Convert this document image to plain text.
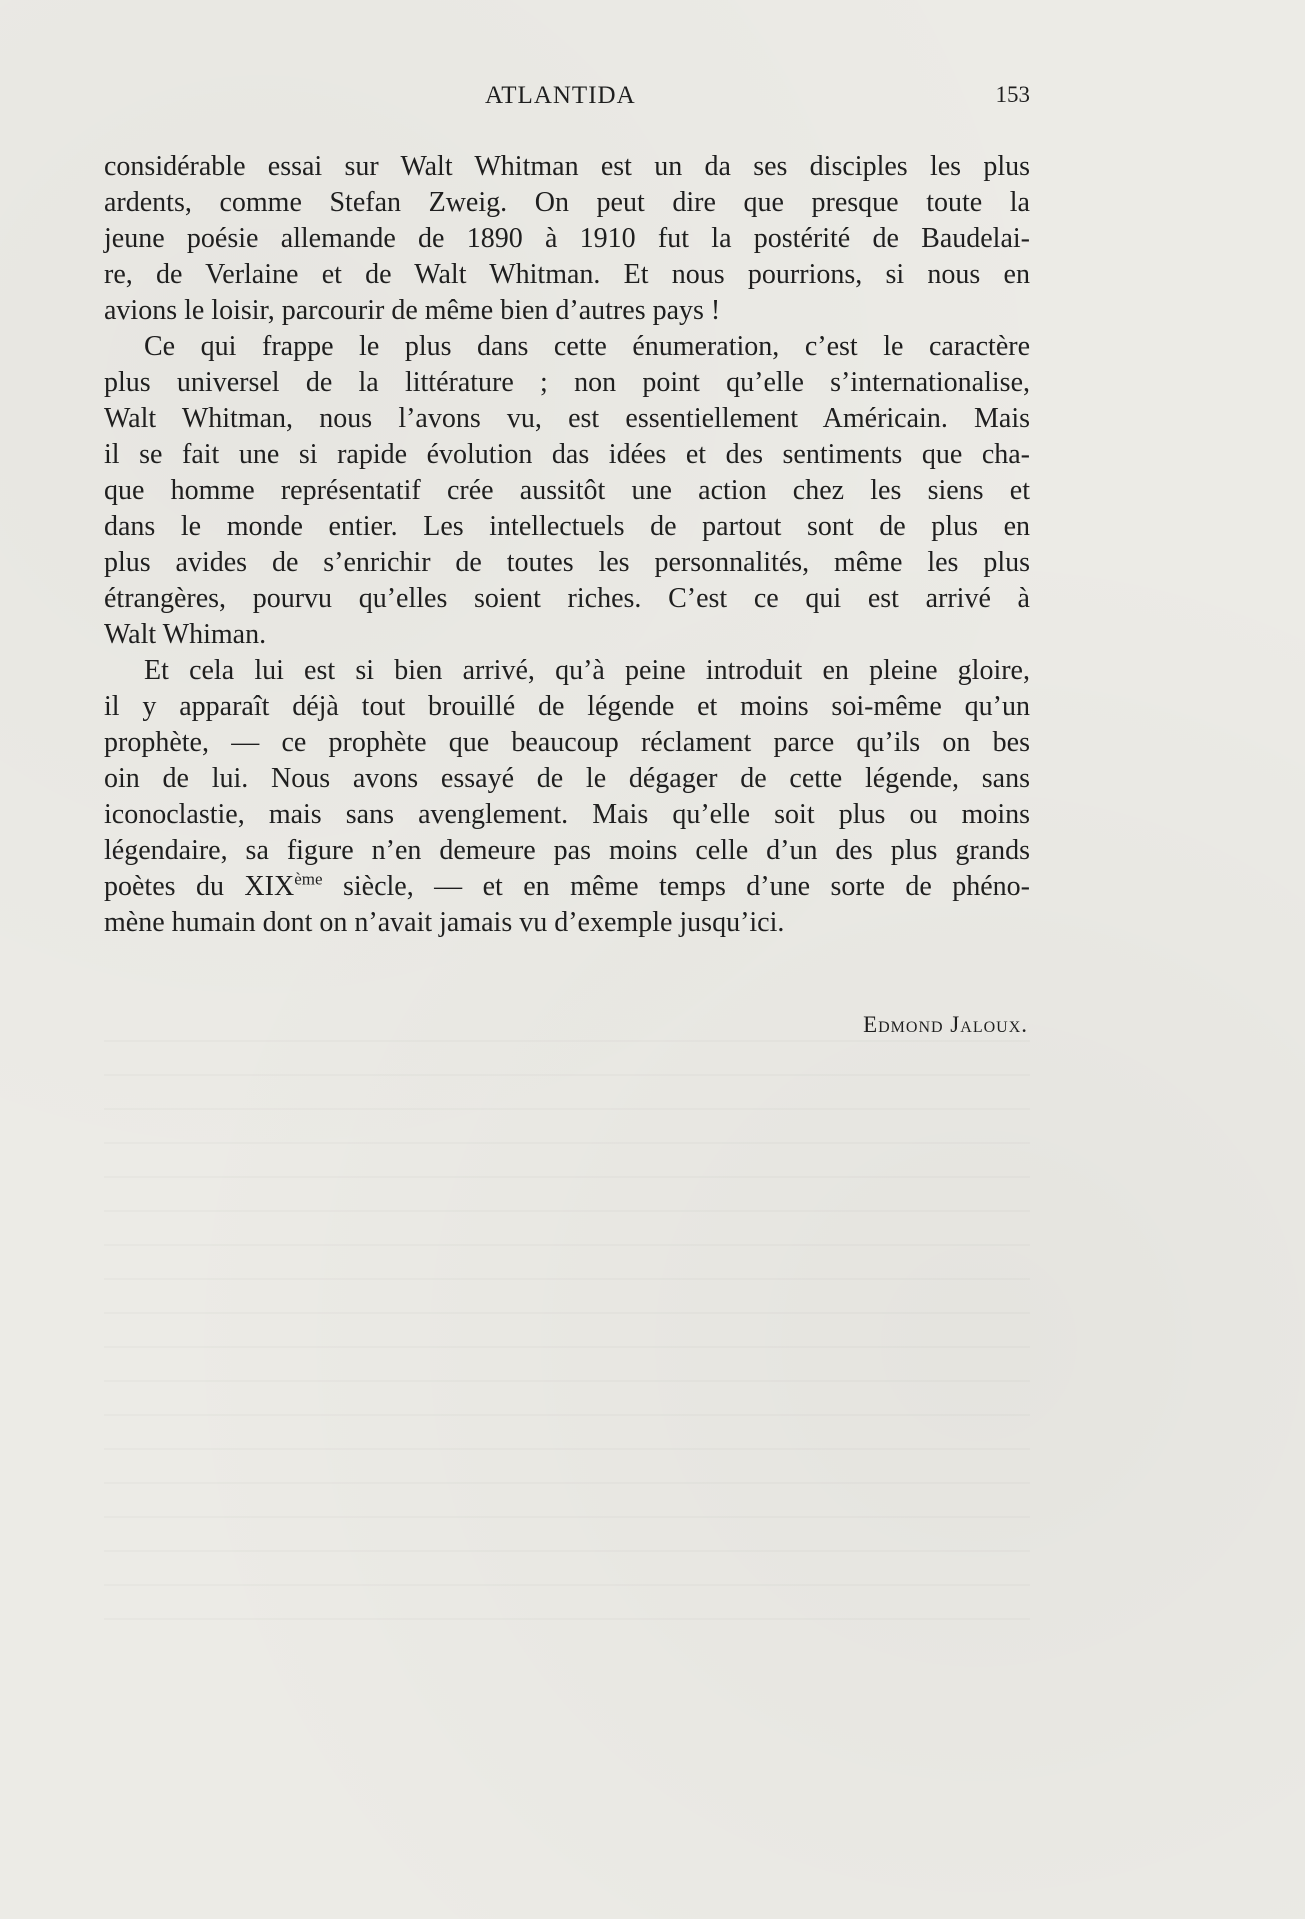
ATLANTIDA	153
considérable essai sur Walt Whitman est un da ses disciples les plus
ardents, comme Stefan Zweig. On peut dire que presque toute la
jeune poésie allemande de 1890 à 1910 fut la postérité de Baudelai-
re, de Verlaine et de Walt Whitman. Et nous pourrions, si nous en
avions le loisir, parcourir de même bien d’autres pays !
Ce qui frappe le plus dans cette énumeration, c’est le caractère
plus universel de la littérature ; non point qu’elle s’internationalise,
Walt Whitman, nous l’avons vu, est essentiellement Américain. Mais
il se fait une si rapide évolution das idées et des sentiments que cha-
que homme représentatif crée aussitôt une action chez les siens et
dans le monde entier. Les intellectuels de partout sont de plus en
plus avides de s’enrichir de toutes les personnalités, même les plus
étrangères, pourvu qu’elles soient riches. C’est ce qui est arrivé à
Walt Whiman.
Et cela lui est si bien arrivé, qu’à peine introduit en pleine gloire,
il y apparaît déjà tout brouillé de légende et moins soi-même qu’un
prophète, — ce prophète que beaucoup réclament parce qu’ils on bes
oin de lui. Nous avons essayé de le dégager de cette légende, sans
iconoclastie, mais sans avenglement. Mais qu’elle soit plus ou moins
légendaire, sa figure n’en demeure pas moins celle d’un des plus grands
poètes du XIXème siècle, — et en même temps d’une sorte de phéno-
mène humain dont on n’avait jamais vu d’exemple jusqu’ici.
Edmond Jaloux.
